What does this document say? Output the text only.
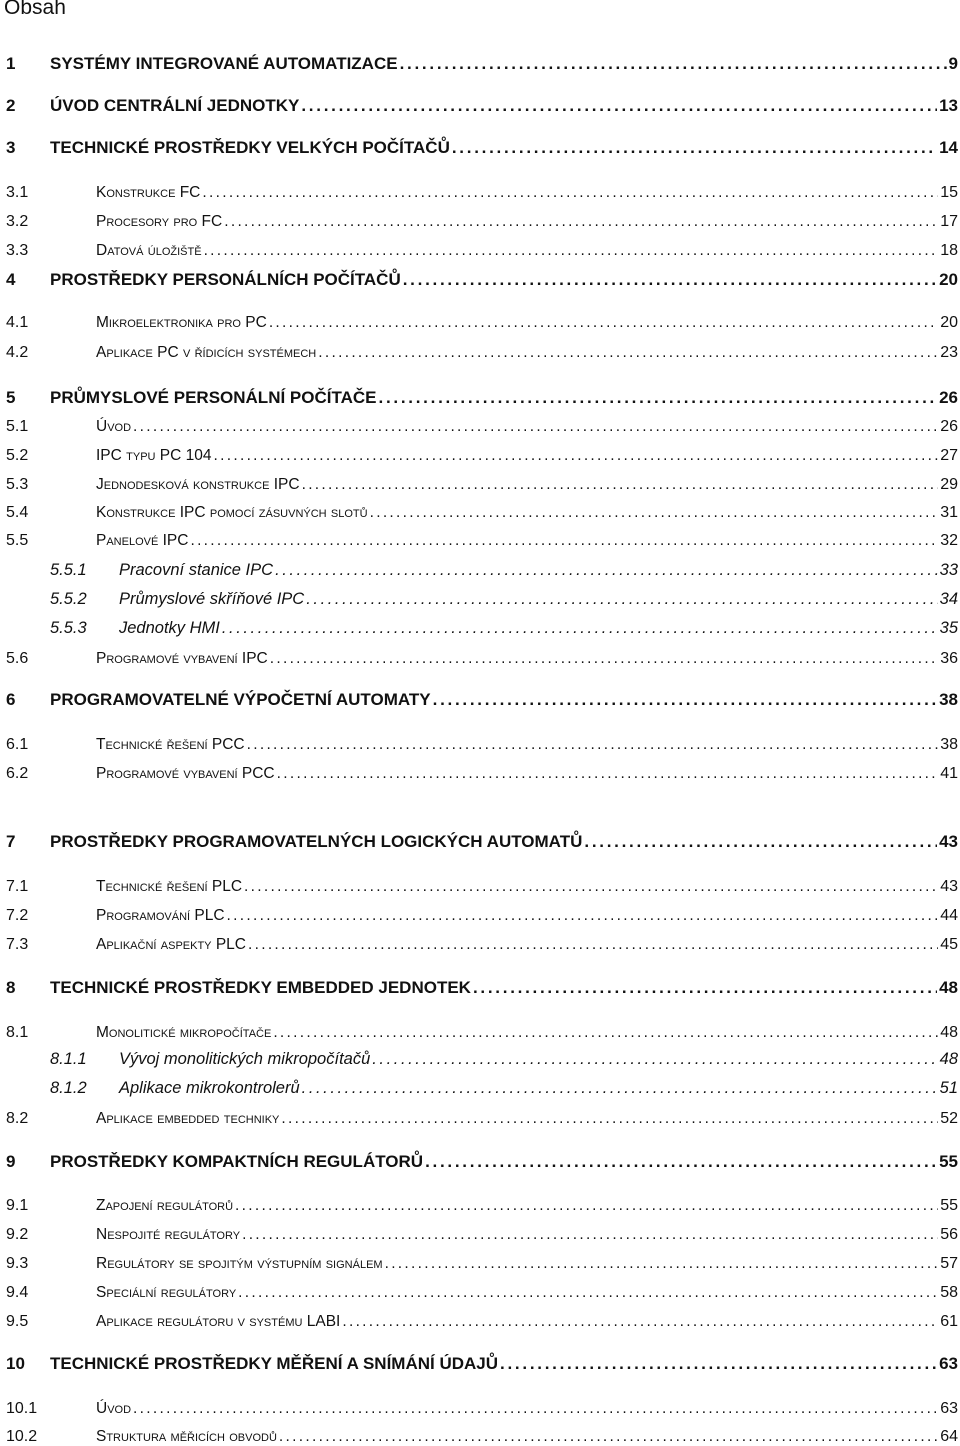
Obsah
1	SYSTÉMY INTEGROVANÉ AUTOMATIZACE . . .	9
2	ÚVOD CENTRÁLNÍ JEDNOTKY . . .	13
3	TECHNICKÉ PROSTŘEDKY VELKÝCH POČÍTAČŮ . . .	14
3.1	Konstrukce FC . . .	15
3.2	Procesory pro FC . . .	17
3.3	Datová úložiště . . .	18
4	PROSTŘEDKY PERSONÁLNÍCH POČÍTAČŮ . . .	20
4.1	Mikroelektronika pro PC . . .	20
4.2	Aplikace PC v řídicích systémech . . .	23
5	PRŮMYSLOVÉ PERSONÁLNÍ POČÍTAČE . . .	26
5.1	Úvod . . .	26
5.2	IPC typu PC 104 . . .	27
5.3	Jednodesková konstrukce IPC . . .	29
5.4	Konstrukce IPC pomocí zásuvných slotů . . .	31
5.5	Panelové IPC . . .	32
5.5.1	Pracovní stanice IPC . . .	33
5.5.2	Průmyslové skříňové IPC . . .	34
5.5.3	Jednotky HMI . . .	35
5.6	Programové vybavení IPC . . .	36
6	PROGRAMOVATELNÉ VÝPOČETNÍ AUTOMATY . . .	38
6.1	Technické řešení PCC . . .	38
6.2	Programové vybavení PCC . . .	41
7	PROSTŘEDKY PROGRAMOVATELNÝCH LOGICKÝCH AUTOMATŮ . . .	43
7.1	Technické řešení PLC . . .	43
7.2	Programování PLC . . .	44
7.3	Aplikační aspekty PLC . . .	45
8	TECHNICKÉ PROSTŘEDKY EMBEDDED JEDNOTEK . . .	48
8.1	Monolitické mikropočítače . . .	48
8.1.1	Vývoj monolitických mikropočítačů . . .	48
8.1.2	Aplikace mikrokontrolerů . . .	51
8.2	Aplikace embedded techniky . . .	52
9	PROSTŘEDKY KOMPAKTNÍCH REGULÁTORŮ . . .	55
9.1	Zapojení regulátorů . . .	55
9.2	Nespojité regulátory . . .	56
9.3	Regulátory se spojitým výstupním signálem . . .	57
9.4	Speciální regulátory . . .	58
9.5	Aplikace regulátoru v systému LABI . . .	61
10	TECHNICKÉ PROSTŘEDKY MĚŘENÍ A SNÍMÁNÍ ÚDAJŮ . . .	63
10.1	Úvod . . .	63
10.2	Struktura měřicích obvodů . . .	64
